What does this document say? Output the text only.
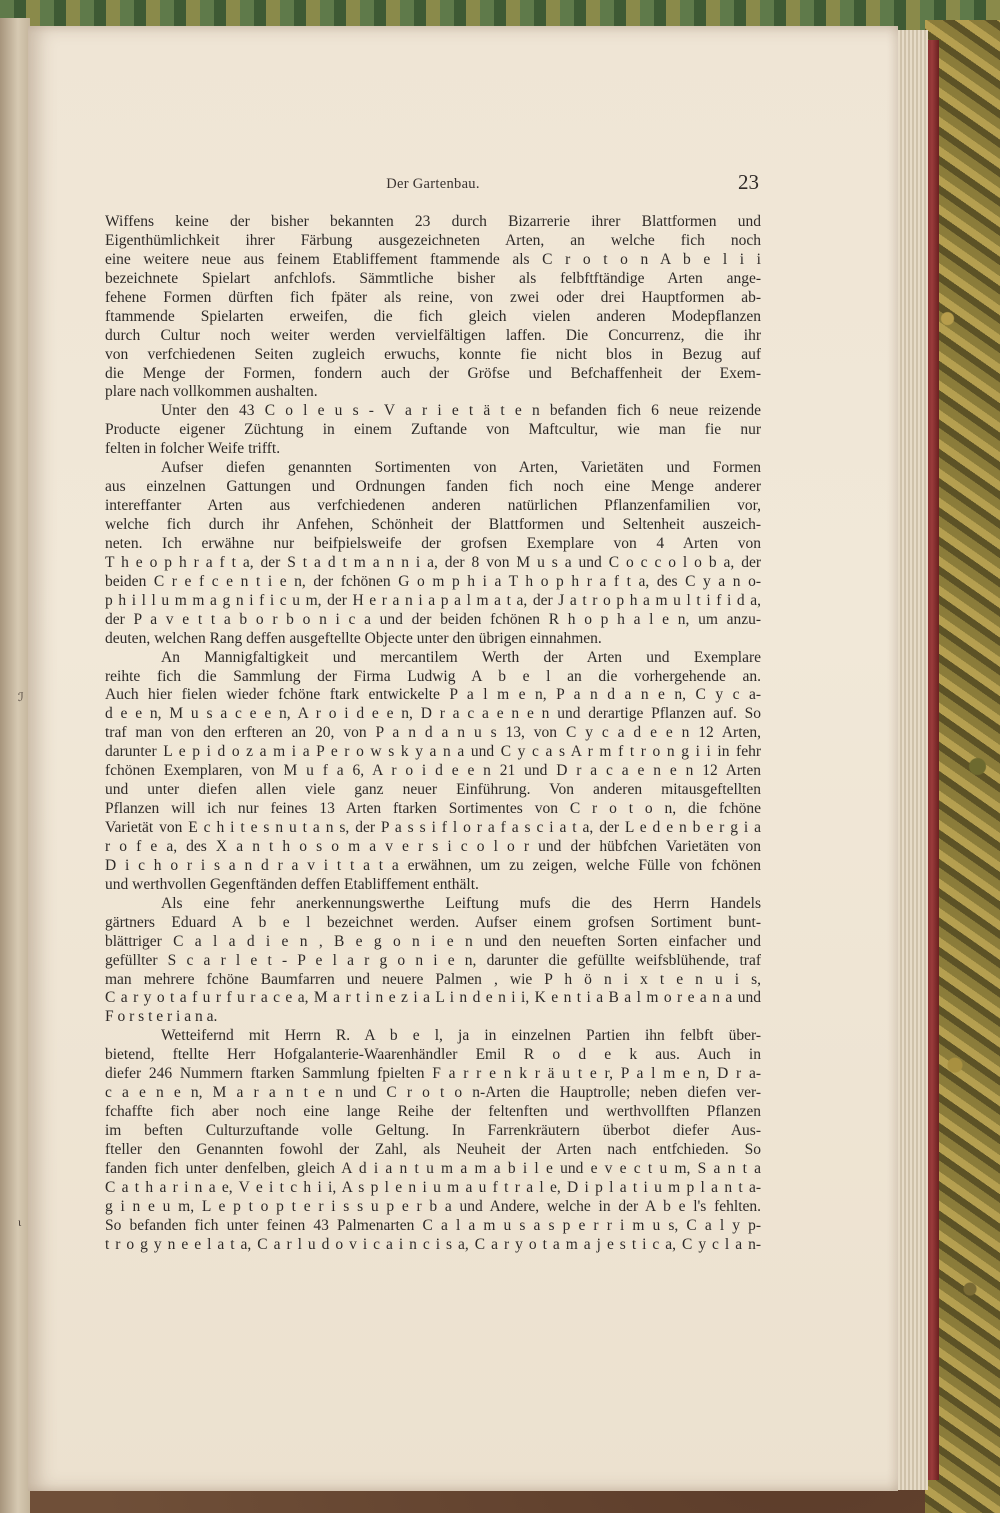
Der Gartenbau.	23
Wiffens keine der bisher bekannten 23 durch Bizarrerie ihrer Blattformen und
Eigenthümlichkeit ihrer Färbung ausgezeichneten Arten, an welche fich noch
eine weitere neue aus feinem Etabliffement ftammende als C r o t o n A b e l i i
bezeichnete Spielart anfchlofs. Sämmtliche bisher als felbftftändige Arten ange-
fehene Formen dürften fich fpäter als reine, von zwei oder drei Hauptformen ab-
ftammende Spielarten erweifen, die fich gleich vielen anderen Modepflanzen
durch Cultur noch weiter werden vervielfältigen laffen. Die Concurrenz, die ihr
von verfchiedenen Seiten zugleich erwuchs, konnte fie nicht blos in Bezug auf
die Menge der Formen, fondern auch der Gröfse und Befchaffenheit der Exem-
plare nach vollkommen aushalten.
Unter den 43 C o l e u s - V a r i e t ä t e n befanden fich 6 neue reizende
Producte eigener Züchtung in einem Zuftande von Maftcultur, wie man fie nur
felten in folcher Weife trifft.
Aufser diefen genannten Sortimenten von Arten, Varietäten und Formen
aus einzelnen Gattungen und Ordnungen fanden fich noch eine Menge anderer
intereffanter Arten aus verfchiedenen anderen natürlichen Pflanzenfamilien vor,
welche fich durch ihr Anfehen, Schönheit der Blattformen und Seltenheit auszeich-
neten. Ich erwähne nur beifpielsweife der grofsen Exemplare von 4 Arten von
T h e o p h r a f t a, der S t a d t m a n n i a, der 8 von M u s a und C o c c o l o b a, der
beiden C r e f c e n t i e n, der fchönen G o m p h i a T h o p h r a f t a, des C y a n o-
p h i l l u m m a g n i f i c u m, der H e r a n i a p a l m a t a, der J a t r o p h a m u l t i f i d a,
der P a v e t t a b o r b o n i c a und der beiden fchönen R h o p h a l e n, um anzu-
deuten, welchen Rang deffen ausgeftellte Objecte unter den übrigen einnahmen.
An Mannigfaltigkeit und mercantilem Werth der Arten und Exemplare
reihte fich die Sammlung der Firma Ludwig A b e l an die vorhergehende an.
Auch hier fielen wieder fchöne ftark entwickelte P a l m e n, P a n d a n e n, C y c a-
d e e n, M u s a c e e n, A r o i d e e n, D r a c a e n e n und derartige Pflanzen auf. So
traf man von den erfteren an 20, von P a n d a n u s 13, von C y c a d e e n 12 Arten,
darunter L e p i d o z a m i a P e r o w s k y a n a und C y c a s A r m f t r o n g i i in fehr
fchönen Exemplaren, von M u f a 6, A r o i d e e n 21 und D r a c a e n e n 12 Arten
und unter diefen allen viele ganz neuer Einführung. Von anderen mitausgeftellten
Pflanzen will ich nur feines 13 Arten ftarken Sortimentes von C r o t o n, die fchöne
Varietät von E c h i t e s n u t a n s, der P a s s i f l o r a f a s c i a t a, der L e d e n b e r g i a
r o f e a, des X a n t h o s o m a v e r s i c o l o r und der hübfchen Varietäten von
D i c h o r i s a n d r a v i t t a t a erwähnen, um zu zeigen, welche Fülle von fchönen
und werthvollen Gegenftänden deffen Etabliffement enthält.
Als eine fehr anerkennungswerthe Leiftung mufs die des Herrn Handels
gärtners Eduard A b e l bezeichnet werden. Aufser einem grofsen Sortiment bunt-
blättriger C a l a d i e n , B e g o n i e n und den neueften Sorten einfacher und
gefüllter S c a r l e t - P e l a r g o n i e n, darunter die gefüllte weifsblühende, traf
man mehrere fchöne Baumfarren und neuere Palmen , wie P h ö n i x t e n u i s,
C a r y o t a f u r f u r a c e a, M a r t i n e z i a L i n d e n i i, K e n t i a B a l m o r e a n a und
F o r s t e r i a n a.
Wetteifernd mit Herrn R. A b e l, ja in einzelnen Partien ihn felbft über-
bietend, ftellte Herr Hofgalanterie-Waarenhändler Emil R o d e k aus. Auch in
diefer 246 Nummern ftarken Sammlung fpielten F a r r e n k r ä u t e r, P a l m e n, D r a-
c a e n e n, M a r a n t e n und C r o t o n-Arten die Hauptrolle; neben diefen ver-
fchaffte fich aber noch eine lange Reihe der feltenften und werthvollften Pflanzen
im beften Culturzuftande volle Geltung. In Farrenkräutern überbot diefer Aus-
fteller den Genannten fowohl der Zahl, als Neuheit der Arten nach entfchieden. So
fanden fich unter denfelben, gleich A d i a n t u m a m a b i l e und e v e c t u m, S a n t a
C a t h a r i n a e, V e i t c h i i, A s p l e n i u m a u f t r a l e, D i p l a t i u m p l a n t a-
g i n e u m, L e p t o p t e r i s s u p e r b a und Andere, welche in der A b e l's fehlten.
So befanden fich unter feinen 43 Palmenarten C a l a m u s a s p e r r i m u s, C a l y p-
t r o g y n e e l a t a, C a r l u d o v i c a i n c i s a, C a r y o t a m a j e s t i c a, C y c l a n-
ℐ
ɩ
